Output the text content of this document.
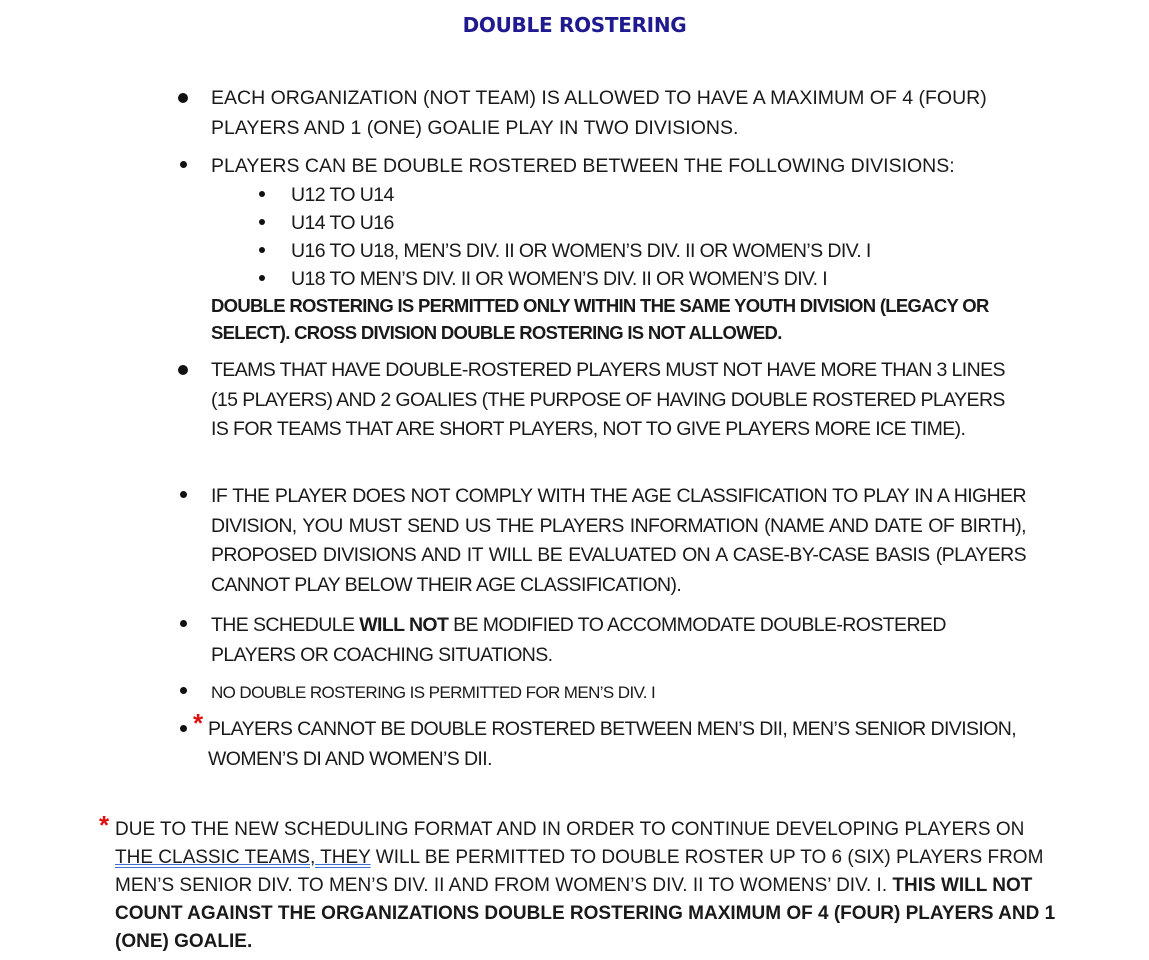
DOUBLE ROSTERING
EACH ORGANIZATION (NOT TEAM) IS ALLOWED TO HAVE A MAXIMUM OF 4 (FOUR) PLAYERS AND 1 (ONE) GOALIE PLAY IN TWO DIVISIONS.
PLAYERS CAN BE DOUBLE ROSTERED BETWEEN THE FOLLOWING DIVISIONS:
U12 TO U14
U14 TO U16
U16 TO U18, MEN’S DIV. II OR WOMEN’S DIV. II OR WOMEN’S DIV. I
U18 TO MEN’S DIV. II OR WOMEN’S DIV. II OR WOMEN’S DIV. I
DOUBLE ROSTERING IS PERMITTED ONLY WITHIN THE SAME YOUTH DIVISION (LEGACY OR SELECT). CROSS DIVISION DOUBLE ROSTERING IS NOT ALLOWED.
TEAMS THAT HAVE DOUBLE-ROSTERED PLAYERS MUST NOT HAVE MORE THAN 3 LINES (15 PLAYERS) AND 2 GOALIES (THE PURPOSE OF HAVING DOUBLE ROSTERED PLAYERS IS FOR TEAMS THAT ARE SHORT PLAYERS, NOT TO GIVE PLAYERS MORE ICE TIME).
IF THE PLAYER DOES NOT COMPLY WITH THE AGE CLASSIFICATION TO PLAY IN A HIGHER DIVISION, YOU MUST SEND US THE PLAYERS INFORMATION (NAME AND DATE OF BIRTH), PROPOSED DIVISIONS AND IT WILL BE EVALUATED ON A CASE-BY-CASE BASIS (PLAYERS CANNOT PLAY BELOW THEIR AGE CLASSIFICATION).
THE SCHEDULE WILL NOT BE MODIFIED TO ACCOMMODATE DOUBLE-ROSTERED PLAYERS OR COACHING SITUATIONS.
NO DOUBLE ROSTERING IS PERMITTED FOR MEN’S DIV. I
* PLAYERS CANNOT BE DOUBLE ROSTERED BETWEEN MEN’S DII, MEN’S SENIOR DIVISION, WOMEN’S DI AND WOMEN’S DII.
* DUE TO THE NEW SCHEDULING FORMAT AND IN ORDER TO CONTINUE DEVELOPING PLAYERS ON
THE CLASSIC TEAMS, THEY WILL BE PERMITTED TO DOUBLE ROSTER UP TO 6 (SIX) PLAYERS FROM MEN’S SENIOR DIV. TO MEN’S DIV. II AND FROM WOMEN’S DIV. II TO WOMENS’ DIV. I. THIS WILL NOT COUNT AGAINST THE ORGANIZATIONS DOUBLE ROSTERING MAXIMUM OF 4 (FOUR) PLAYERS AND 1 (ONE) GOALIE.
